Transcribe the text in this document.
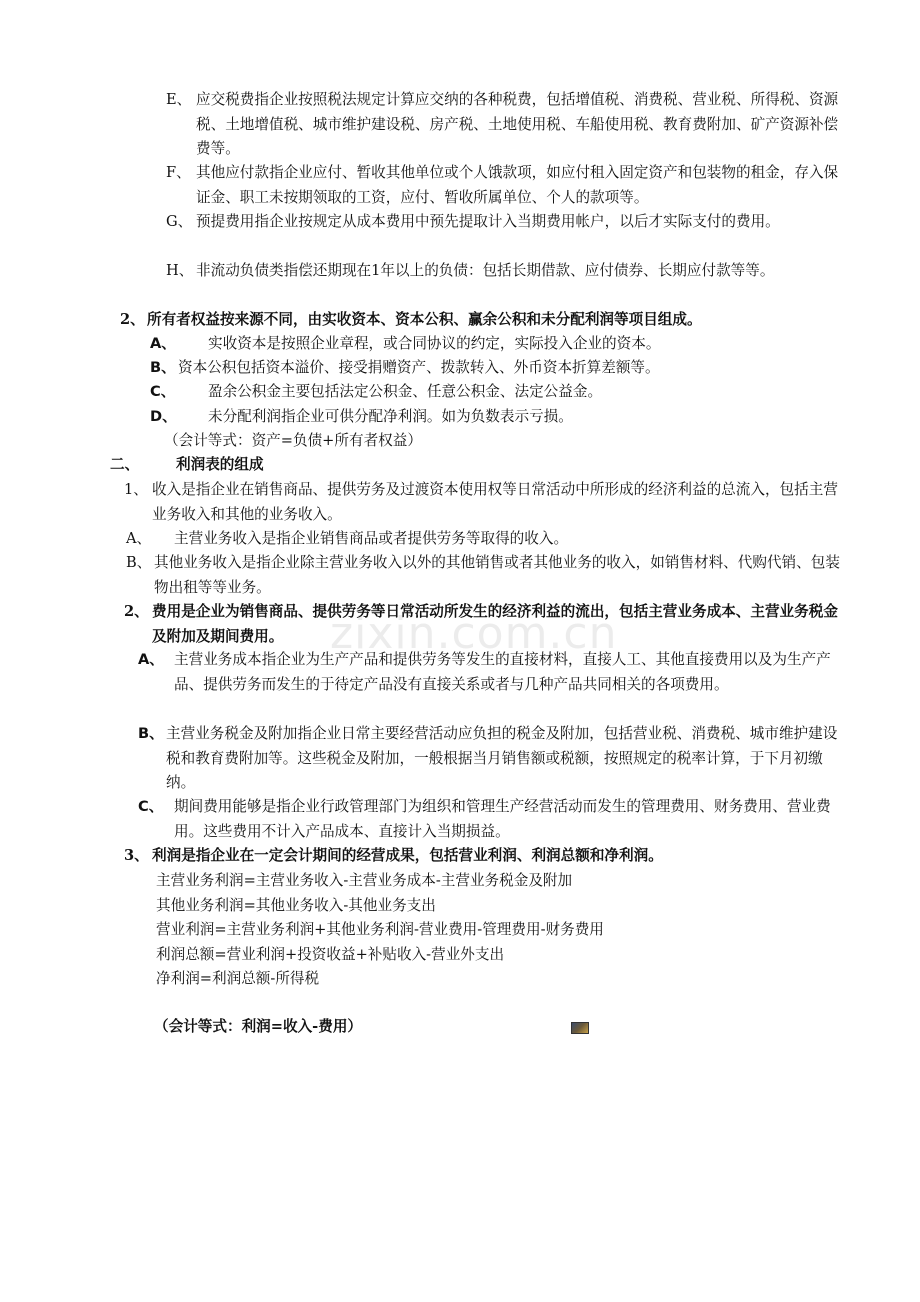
zixin.com.cn
E、 应交税费指企业按照税法规定计算应交纳的各种税费，包括增值税、消费税、营业税、所得税、资源税、土地增值税、城市维护建设税、房产税、土地使用税、车船使用税、教育费附加、矿产资源补偿费等。
F、 其他应付款指企业应付、暂收其他单位或个人饿款项，如应付租入固定资产和包装物的租金，存入保证金、职工未按期领取的工资，应付、暂收所属单位、个人的款项等。
G、 预提费用指企业按规定从成本费用中预先提取计入当期费用帐户，以后才实际支付的费用。
H、 非流动负债类指偿还期现在1年以上的负债：包括长期借款、应付债券、长期应付款等等。
2、 所有者权益按来源不同，由实收资本、资本公积、赢余公积和未分配利润等项目组成。
A、 实收资本是按照企业章程，或合同协议的约定，实际投入企业的资本。
B、 资本公积包括资本溢价、接受捐赠资产、拨款转入、外币资本折算差额等。
C、 盈余公积金主要包括法定公积金、任意公积金、法定公益金。
D、 未分配利润指企业可供分配净利润。如为负数表示亏损。
（会计等式：资产=负债+所有者权益）
二、	利润表的组成
1、 收入是指企业在销售商品、提供劳务及过渡资本使用权等日常活动中所形成的经济利益的总流入，包括主营业务收入和其他的业务收入。
A、 主营业务收入是指企业销售商品或者提供劳务等取得的收入。
B、 其他业务收入是指企业除主营业务收入以外的其他销售或者其他业务的收入，如销售材料、代购代销、包装物出租等等业务。
2、 费用是企业为销售商品、提供劳务等日常活动所发生的经济利益的流出，包括主营业务成本、主营业务税金及附加及期间费用。
A、 主营业务成本指企业为生产产品和提供劳务等发生的直接材料，直接人工、其他直接费用以及为生产产品、提供劳务而发生的于待定产品没有直接关系或者与几种产品共同相关的各项费用。
B、 主营业务税金及附加指企业日常主要经营活动应负担的税金及附加，包括营业税、消费税、城市维护建设税和教育费附加等。这些税金及附加，一般根据当月销售额或税额，按照规定的税率计算，于下月初缴纳。
C、 期间费用能够是指企业行政管理部门为组织和管理生产经营活动而发生的管理费用、财务费用、营业费用。这些费用不计入产品成本、直接计入当期损益。
3、 利润是指企业在一定会计期间的经营成果，包括营业利润、利润总额和净利润。
主营业务利润=主营业务收入-主营业务成本-主营业务税金及附加
其他业务利润=其他业务收入-其他业务支出
营业利润=主营业务利润+其他业务利润-营业费用-管理费用-财务费用
利润总额=营业利润+投资收益+补贴收入-营业外支出
净利润=利润总额-所得税
（会计等式：利润=收入-费用）
